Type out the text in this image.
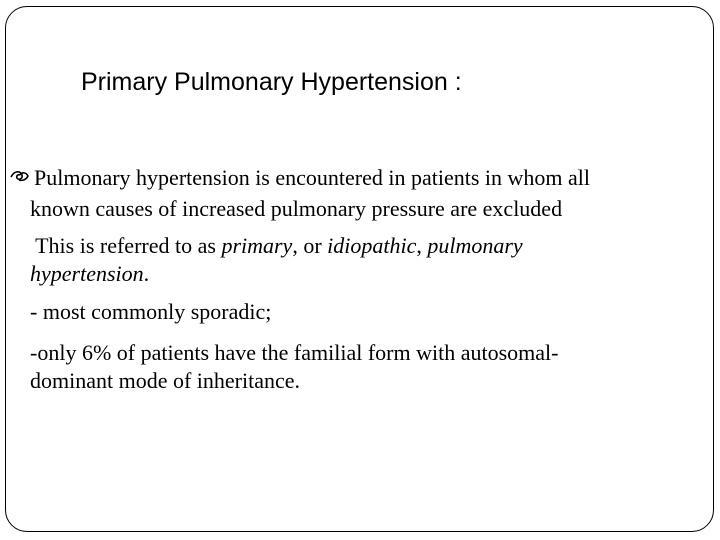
Primary Pulmonary Hypertension :
Pulmonary hypertension is encountered in patients in whom all
known causes of increased pulmonary pressure are excluded
This is referred to as primary, or idiopathic, pulmonary
hypertension.
- most commonly sporadic;
-only 6% of patients have the familial form with autosomal-
dominant mode of inheritance.
